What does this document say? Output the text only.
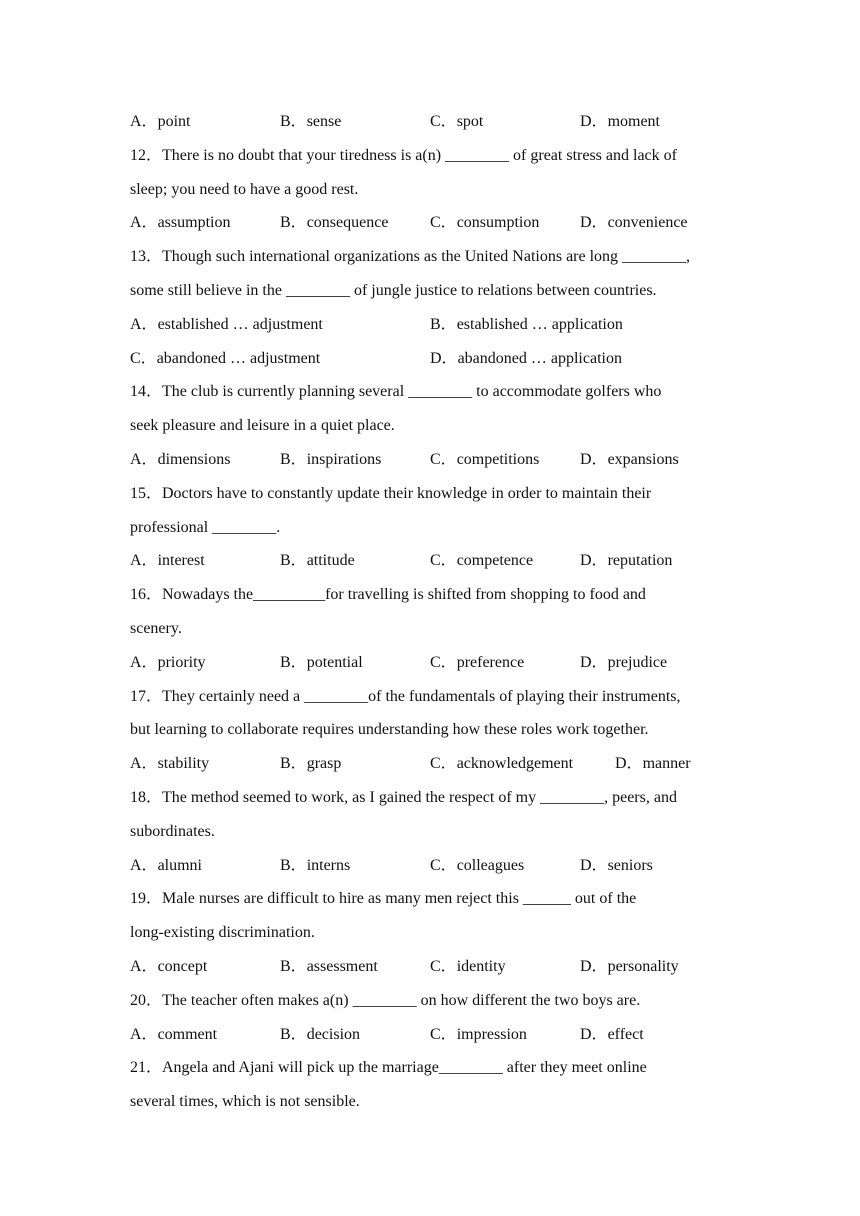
A．point	B．sense	C．spot	D．moment
12．There is no doubt that your tiredness is a(n) ________ of great stress and lack of
sleep; you need to have a good rest.
A．assumption	B．consequence	C．consumption	D．convenience
13．Though such international organizations as the United Nations are long ________,
some still believe in the ________ of jungle justice to relations between countries.
A．established … adjustment	B．established … application
C．abandoned … adjustment	D．abandoned … application
14．The club is currently planning several ________ to accommodate golfers who
seek pleasure and leisure in a quiet place.
A．dimensions	B．inspirations	C．competitions	D．expansions
15．Doctors have to constantly update their knowledge in order to maintain their
professional ________.
A．interest	B．attitude	C．competence	D．reputation
16．Nowadays the_________for travelling is shifted from shopping to food and
scenery.
A．priority	B．potential	C．preference	D．prejudice
17．They certainly need a ________of the fundamentals of playing their instruments,
but learning to collaborate requires understanding how these roles work together.
A．stability	B．grasp	C．acknowledgement	D．manner
18．The method seemed to work, as I gained the respect of my ________, peers, and
subordinates.
A．alumni	B．interns	C．colleagues	D．seniors
19．Male nurses are difficult to hire as many men reject this ______ out of the
long-existing discrimination.
A．concept	B．assessment	C．identity	D．personality
20．The teacher often makes a(n) ________ on how different the two boys are.
A．comment	B．decision	C．impression	D．effect
21．Angela and Ajani will pick up the marriage________ after they meet online
several times, which is not sensible.
